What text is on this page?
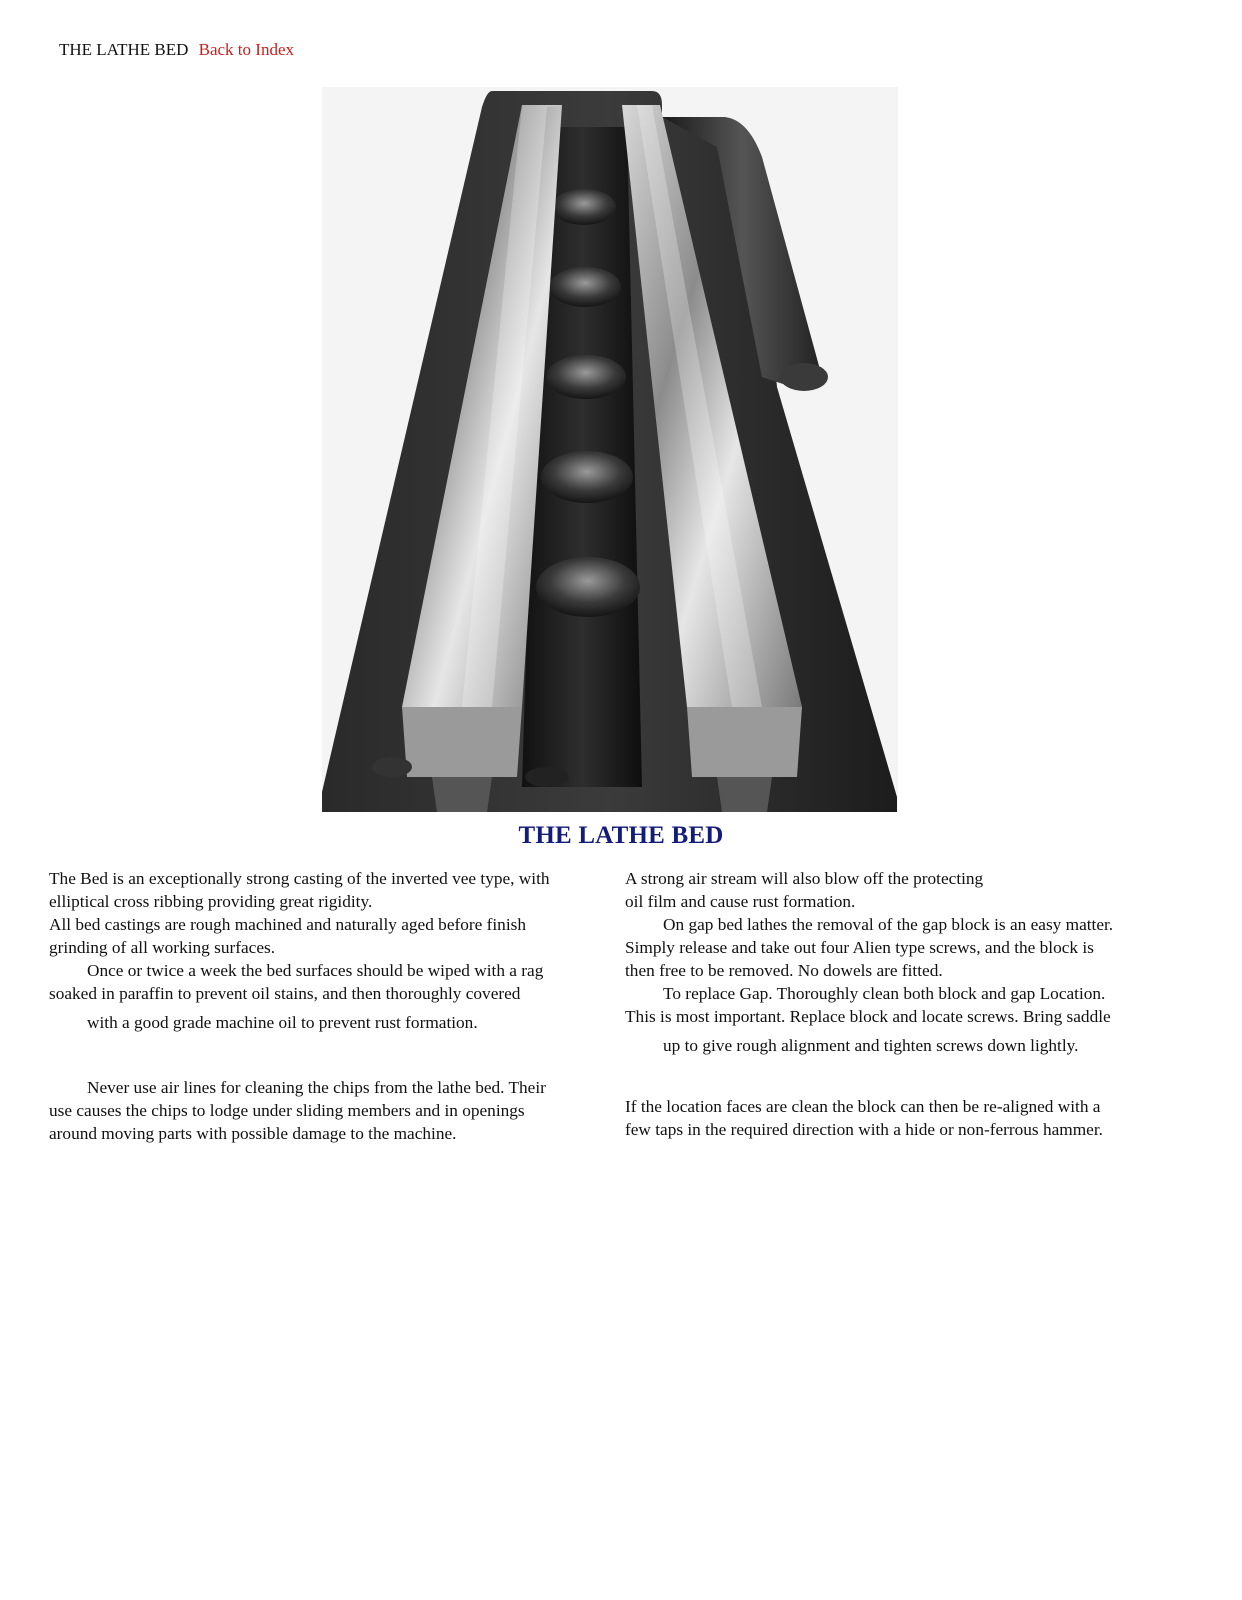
THE LATHE BED Back to Index
THE LATHE BED

The Bed is an exceptionally strong casting of the inverted vee type, with
elliptical cross ribbing providing great rigidity.

All bed castings are rough machined and naturally aged before finish
grinding of all working surfaces.

Once or twice a week the bed surfaces should be wiped with a rag
soaked in paraffin to prevent oil stains, and then thoroughly covered
with a good grade machine oil to prevent rust formation.

Never use air lines for cleaning the chips from the lathe bed. Their
use causes the chips to lodge under sliding members and in openings
around moving parts with possible damage to the machine.

A strong air stream will also blow off the protecting
oil film and cause rust formation.

On gap bed lathes the removal of the gap block is an easy matter.
Simply release and take out four Alien type screws, and the block is
then free to be removed. No dowels are fitted.

To replace Gap. Thoroughly clean both block and gap Location.
This is most important. Replace block and locate screws. Bring saddle
up to give rough alignment and tighten screws down lightly.

If the location faces are clean the block can then be re-aligned with a
few taps in the required direction with a hide or non-ferrous hammer.
